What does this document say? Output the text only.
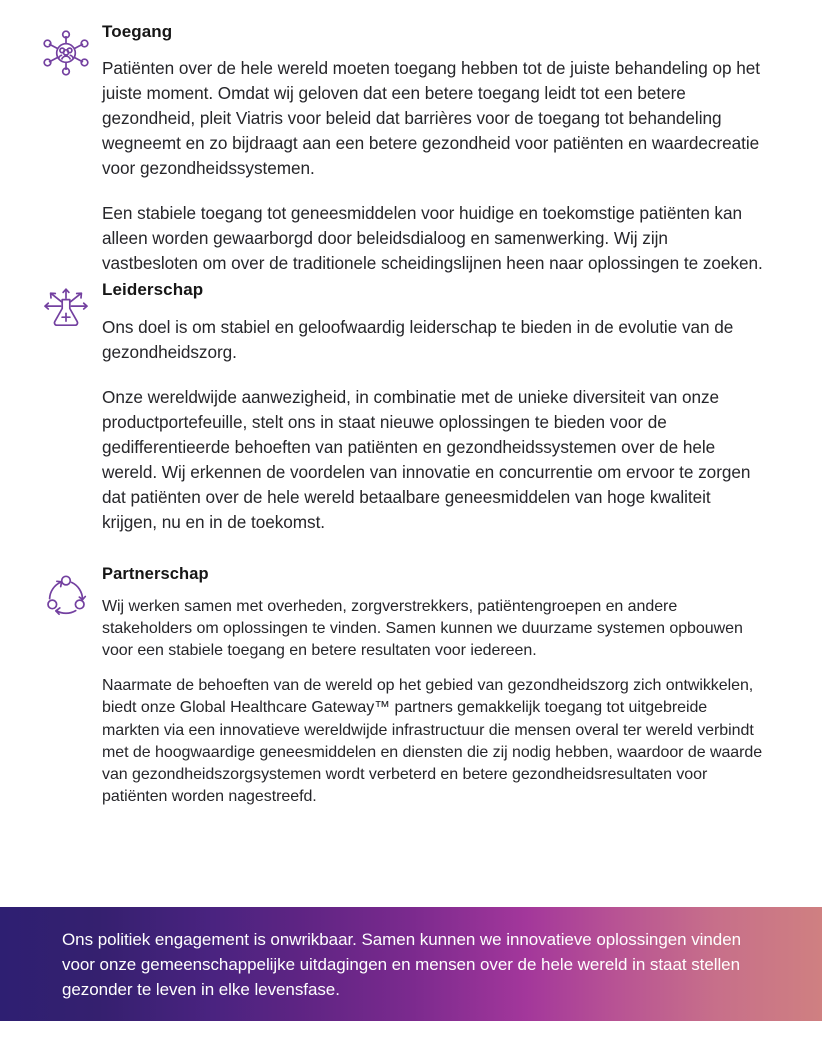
Toegang

Patiënten over de hele wereld moeten toegang hebben tot de juiste behandeling op het juiste moment. Omdat wij geloven dat een betere toegang leidt tot een betere gezondheid, pleit Viatris voor beleid dat barrières voor de toegang tot behandeling wegneemt en zo bijdraagt aan een betere gezondheid voor patiënten en waardecreatie voor gezondheidssystemen.

Een stabiele toegang tot geneesmiddelen voor huidige en toekomstige patiënten kan alleen worden gewaarborgd door beleidsdialoog en samenwerking. Wij zijn vastbesloten om over de traditionele scheidingslijnen heen naar oplossingen te zoeken.

Leiderschap

Ons doel is om stabiel en geloofwaardig leiderschap te bieden in de evolutie van de gezondheidszorg.

Onze wereldwijde aanwezigheid, in combinatie met de unieke diversiteit van onze productportefeuille, stelt ons in staat nieuwe oplossingen te bieden voor de gedifferentieerde behoeften van patiënten en gezondheidssystemen over de hele wereld. Wij erkennen de voordelen van innovatie en concurrentie om ervoor te zorgen dat patiënten over de hele wereld betaalbare geneesmiddelen van hoge kwaliteit krijgen, nu en in de toekomst.

Partnerschap

Wij werken samen met overheden, zorgverstrekkers, patiëntengroepen en andere stakeholders om oplossingen te vinden. Samen kunnen we duurzame systemen opbouwen voor een stabiele toegang en betere resultaten voor iedereen.

Naarmate de behoeften van de wereld op het gebied van gezondheidszorg zich ontwikkelen, biedt onze Global Healthcare Gateway™ partners gemakkelijk toegang tot uitgebreide markten via een innovatieve wereldwijde infrastructuur die mensen overal ter wereld verbindt met de hoogwaardige geneesmiddelen en diensten die zij nodig hebben, waardoor de waarde van gezondheidszorgsystemen wordt verbeterd en betere gezondheidsresultaten voor patiënten worden nagestreefd.

Ons politiek engagement is onwrikbaar. Samen kunnen we innovatieve oplossingen vinden voor onze gemeenschappelijke uitdagingen en mensen over de hele wereld in staat stellen gezonder te leven in elke levensfase.
